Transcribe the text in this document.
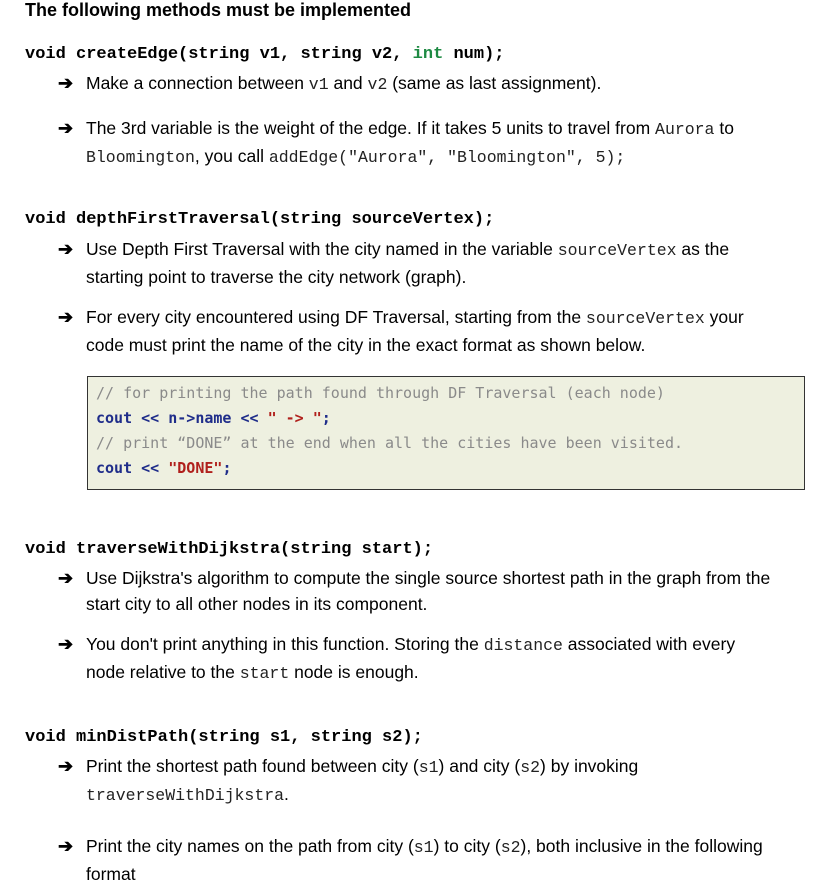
The following methods must be implemented
void createEdge(string v1, string v2, int num);
➔ Make a connection between v1 and v2 (same as last assignment).
➔ The 3rd variable is the weight of the edge. If it takes 5 units to travel from Aurora to
Bloomington, you call addEdge("Aurora", "Bloomington", 5);
void depthFirstTraversal(string sourceVertex);
➔ Use Depth First Traversal with the city named in the variable sourceVertex as the
starting point to traverse the city network (graph).
➔ For every city encountered using DF Traversal, starting from the sourceVertex your
code must print the name of the city in the exact format as shown below.
// for printing the path found through DF Traversal (each node)
cout << n->name << " -> ";
// print “DONE” at the end when all the cities have been visited.
cout << "DONE";
void traverseWithDijkstra(string start);
➔ Use Dijkstra's algorithm to compute the single source shortest path in the graph from the
start city to all other nodes in its component.
➔ You don't print anything in this function. Storing the distance associated with every
node relative to the start node is enough.
void minDistPath(string s1, string s2);
➔ Print the shortest path found between city (s1) and city (s2) by invoking
traverseWithDijkstra.
➔ Print the city names on the path from city (s1) to city (s2), both inclusive in the following
format
